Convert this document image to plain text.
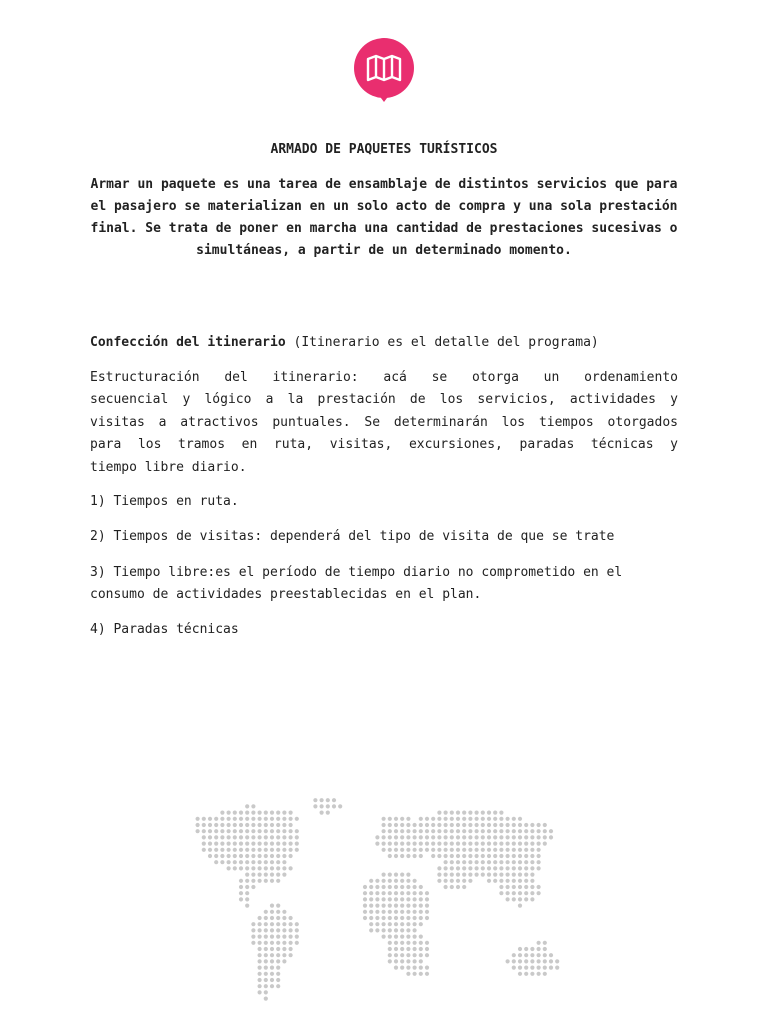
ARMADO DE PAQUETES TURÍSTICOS
Armar un paquete es una tarea de ensamblaje de distintos servicios que para el pasajero se materializan en un solo acto de compra y una sola prestación final. Se trata de poner en marcha una cantidad de prestaciones sucesivas o simultáneas, a partir de un determinado momento.
Confección del itinerario (Itinerario es el detalle del programa)
Estructuración del itinerario: acá se otorga un ordenamiento
secuencial y lógico a la prestación de los servicios, actividades y
visitas a atractivos puntuales. Se determinarán los tiempos otorgados
para los tramos en ruta, visitas, excursiones, paradas técnicas y
tiempo libre diario.
1) Tiempos en ruta.
2) Tiempos de visitas: dependerá del tipo de visita de que se trate
3) Tiempo libre:es el período de tiempo diario no comprometido en el consumo de actividades preestablecidas en el plan.
4) Paradas técnicas
